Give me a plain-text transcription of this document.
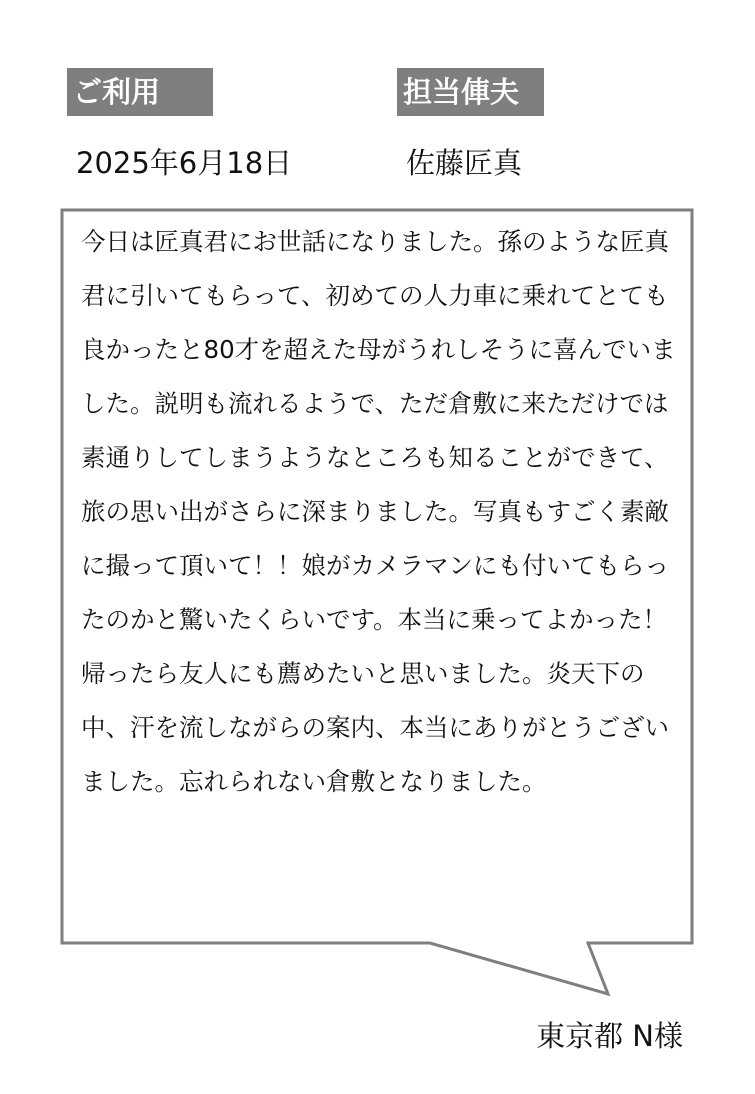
ご利用	担当俥夫
2025年6月18日	佐藤匠真

今日は匠真君にお世話になりました。孫のような匠真君に引いてもらって、初めての人力車に乗れてとても良かったと80才を超えた母がうれしそうに喜んでいました。説明も流れるようで、ただ倉敷に来ただけでは素通りしてしまうようなところも知ることができて、旅の思い出がさらに深まりました。写真もすごく素敵に撮って頂いて！！娘がカメラマンにも付いてもらったのかと驚いたくらいです。本当に乗ってよかった！帰ったら友人にも薦めたいと思いました。炎天下の中、汗を流しながらの案内、本当にありがとうございました。忘れられない倉敷となりました。

東京都 N様
